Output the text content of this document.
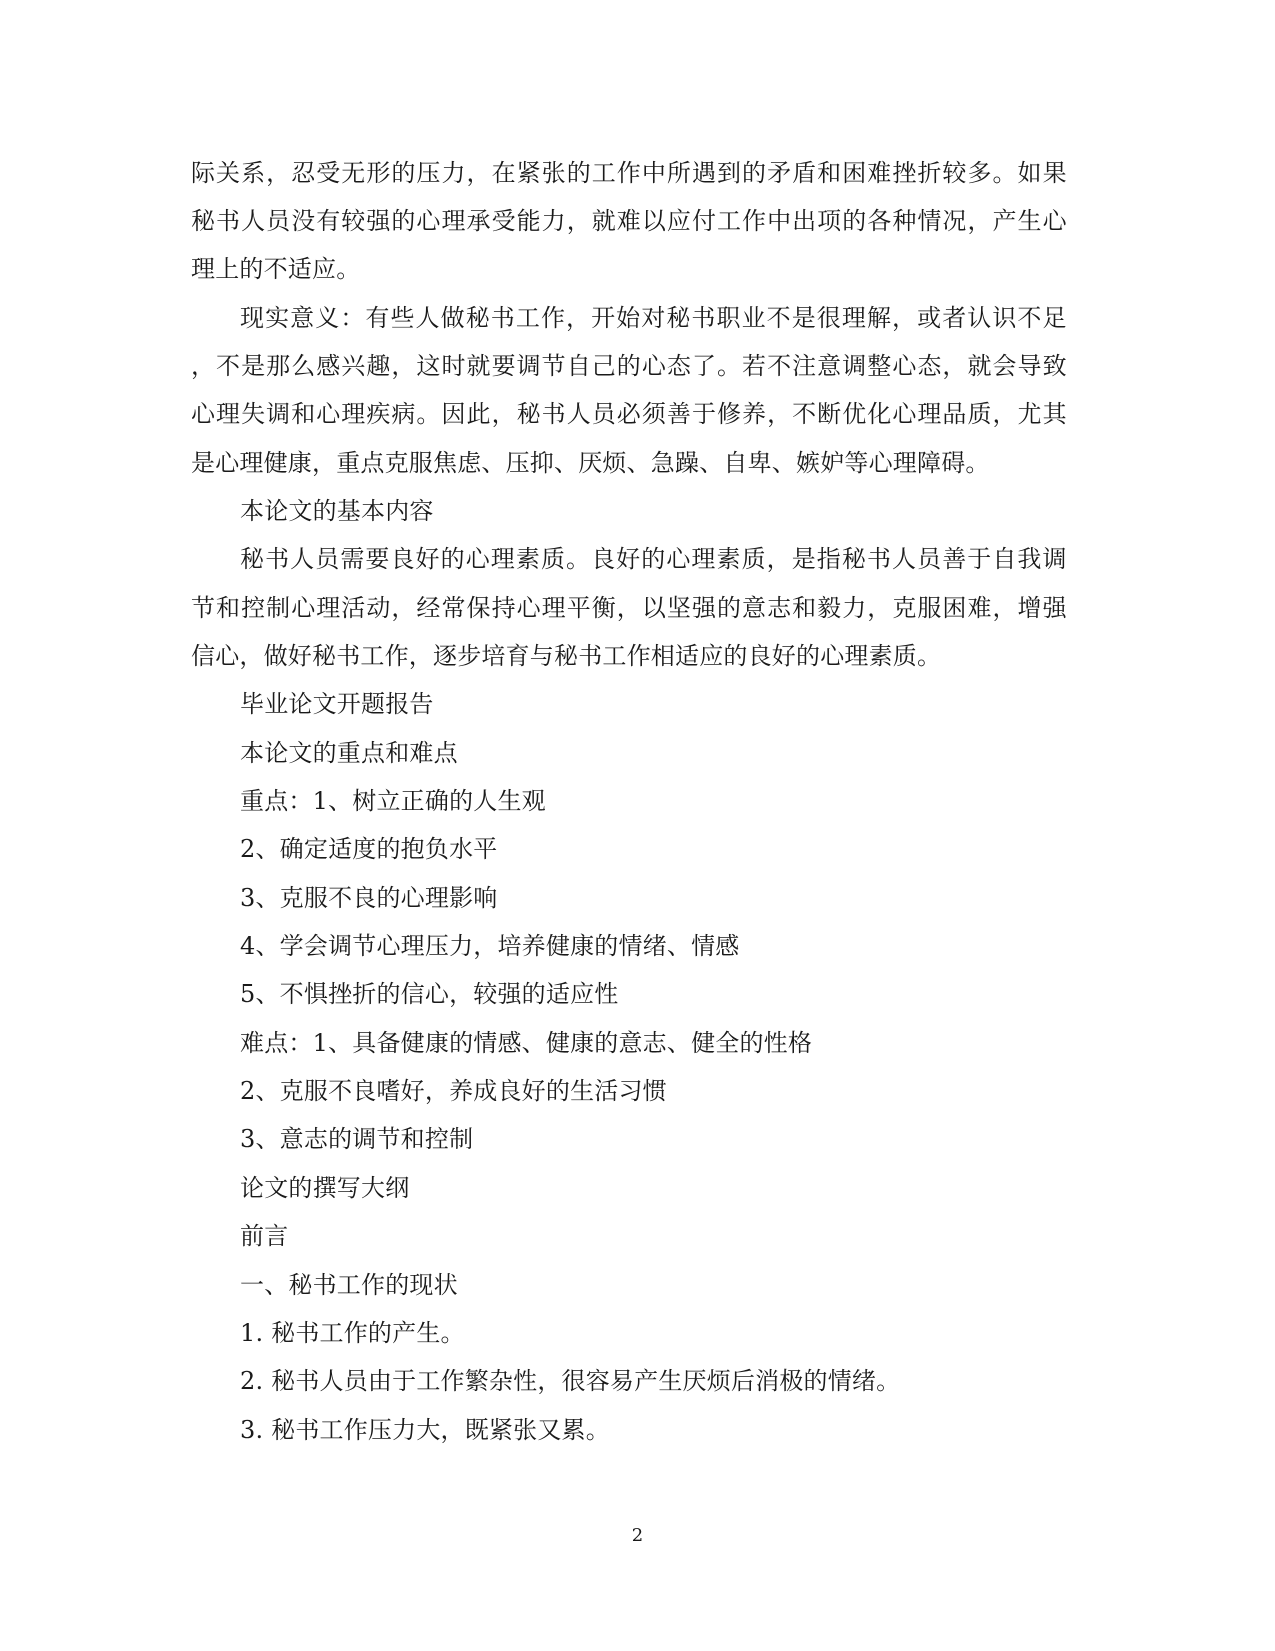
际 关 系 ， 忍 受 无 形 的 压 力 ， 在 紧 张 的 工 作 中 所 遇 到 的 矛 盾 和 困 难 挫 折 较 多 。 如 果
秘 书 人 员 没 有 较 强 的 心 理 承 受 能 力 ， 就 难 以 应 付 工 作 中 出 项 的 各 种 情 况 ， 产 生 心
理上的不适应。
现 实 意 义 ： 有 些 人 做 秘 书 工 作 ， 开 始 对 秘 书 职 业 不 是 很 理 解 ， 或 者 认 识 不 足
， 不 是 那 么 感 兴 趣 ， 这 时 就 要 调 节 自 己 的 心 态 了 。 若 不 注 意 调 整 心 态 ， 就 会 导 致
心 理 失 调 和 心 理 疾 病 。 因 此 ， 秘 书 人 员 必 须 善 于 修 养 ， 不 断 优 化 心 理 品 质 ， 尤 其
是心理健康，重点克服焦虑、压抑、厌烦、急躁、自卑、嫉妒等心理障碍。
本论文的基本内容
秘 书 人 员 需 要 良 好 的 心 理 素 质 。 良 好 的 心 理 素 质 ， 是 指 秘 书 人 员 善 于 自 我 调
节 和 控 制 心 理 活 动 ， 经 常 保 持 心 理 平 衡 ， 以 坚 强 的 意 志 和 毅 力 ， 克 服 困 难 ， 增 强
信心，做好秘书工作，逐步培育与秘书工作相适应的良好的心理素质。
毕业论文开题报告
本论文的重点和难点
重点：1、树立正确的人生观
2、确定适度的抱负水平
3、克服不良的心理影响
4、学会调节心理压力，培养健康的情绪、情感
5、不惧挫折的信心，较强的适应性
难点：1、具备健康的情感、健康的意志、健全的性格
2、克服不良嗜好，养成良好的生活习惯
3、意志的调节和控制
论文的撰写大纲
前言
一、秘书工作的现状
1. 秘书工作的产生。
2. 秘书人员由于工作繁杂性，很容易产生厌烦后消极的情绪。
3. 秘书工作压力大，既紧张又累。
2
